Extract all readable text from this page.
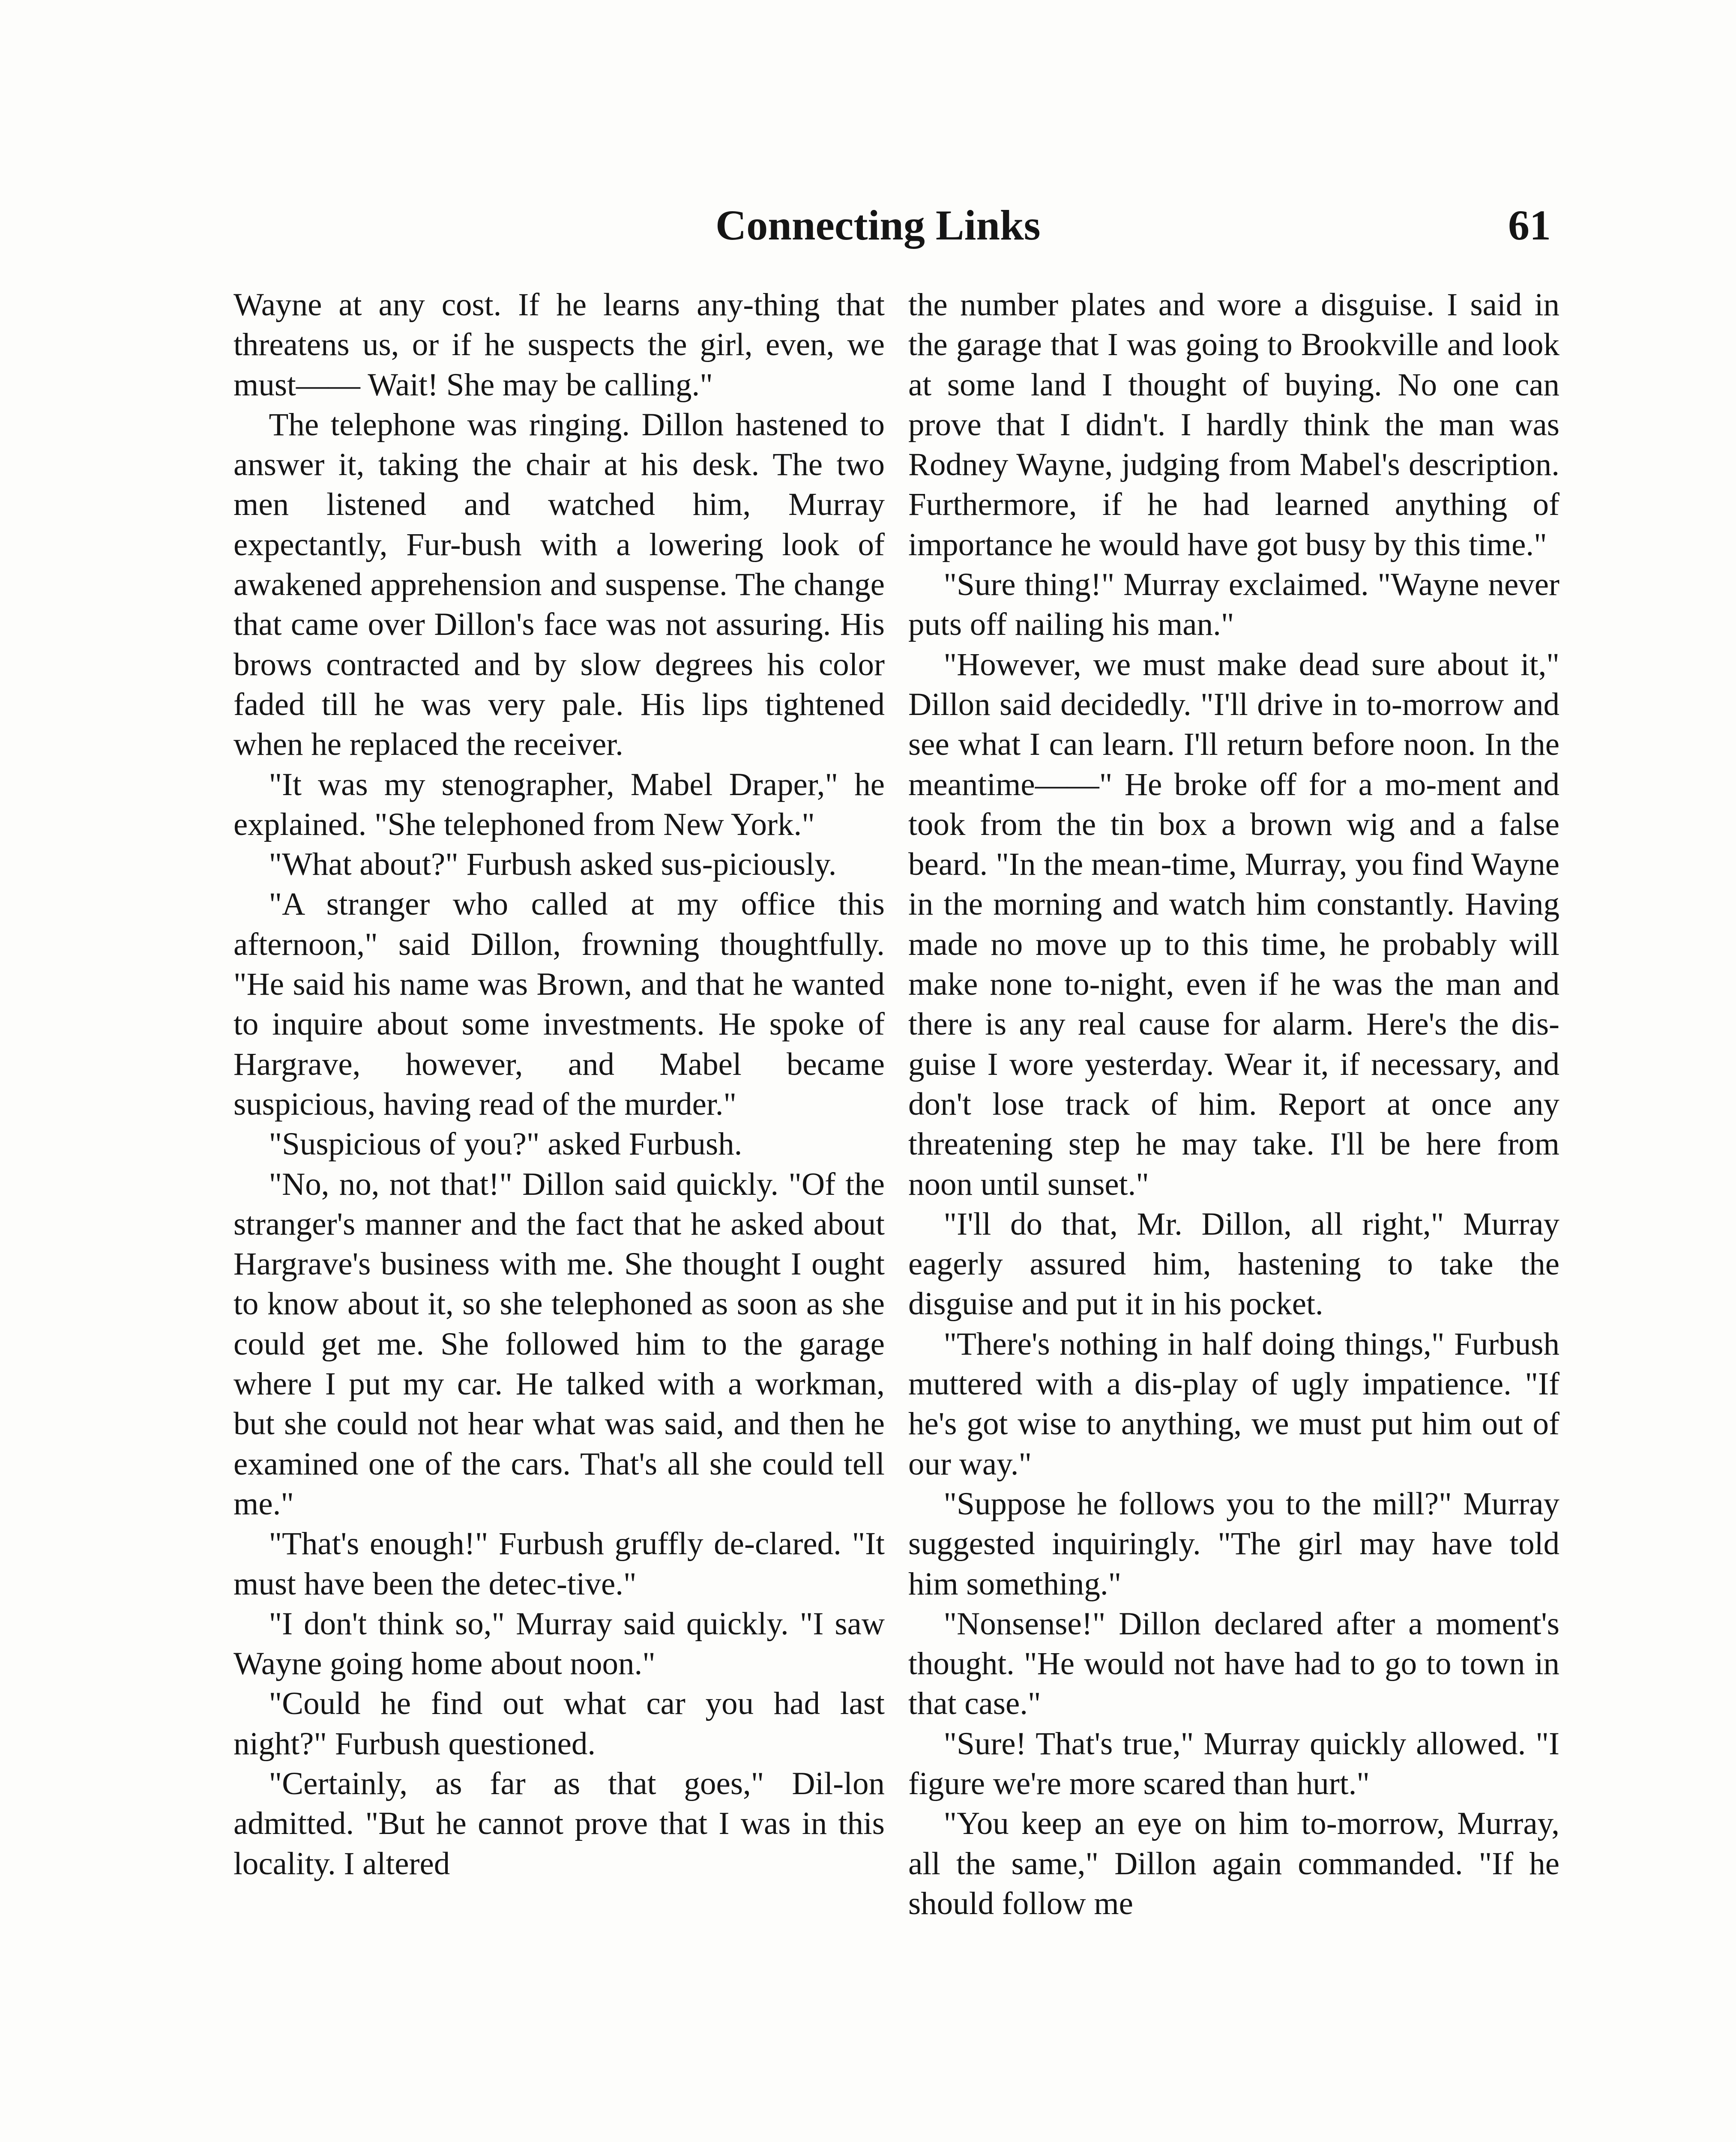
Connecting Links	61

Wayne at any cost. If he learns any-thing that threatens us, or if he suspects the girl, even, we must—— Wait! She may be calling."

The telephone was ringing. Dillon hastened to answer it, taking the chair at his desk. The two men listened and watched him, Murray expectantly, Fur-bush with a lowering look of awakened apprehension and suspense. The change that came over Dillon's face was not assuring. His brows contracted and by slow degrees his color faded till he was very pale. His lips tightened when he replaced the receiver.

"It was my stenographer, Mabel Draper," he explained. "She telephoned from New York."

"What about?" Furbush asked sus-piciously.

"A stranger who called at my office this afternoon," said Dillon, frowning thoughtfully. "He said his name was Brown, and that he wanted to inquire about some investments. He spoke of Hargrave, however, and Mabel became suspicious, having read of the murder."

"Suspicious of you?" asked Furbush.

"No, no, not that!" Dillon said quickly. "Of the stranger's manner and the fact that he asked about Hargrave's business with me. She thought I ought to know about it, so she telephoned as soon as she could get me. She followed him to the garage where I put my car. He talked with a workman, but she could not hear what was said, and then he examined one of the cars. That's all she could tell me."

"That's enough!" Furbush gruffly de-clared. "It must have been the detec-tive."

"I don't think so," Murray said quickly. "I saw Wayne going home about noon."

"Could he find out what car you had last night?" Furbush questioned.

"Certainly, as far as that goes," Dil-lon admitted. "But he cannot prove that I was in this locality. I altered

the number plates and wore a disguise. I said in the garage that I was going to Brookville and look at some land I thought of buying. No one can prove that I didn't. I hardly think the man was Rodney Wayne, judging from Mabel's description. Furthermore, if he had learned anything of importance he would have got busy by this time."

"Sure thing!" Murray exclaimed. "Wayne never puts off nailing his man."

"However, we must make dead sure about it," Dillon said decidedly. "I'll drive in to-morrow and see what I can learn. I'll return before noon. In the meantime——" He broke off for a mo-ment and took from the tin box a brown wig and a false beard. "In the mean-time, Murray, you find Wayne in the morning and watch him constantly. Having made no move up to this time, he probably will make none to-night, even if he was the man and there is any real cause for alarm. Here's the dis-guise I wore yesterday. Wear it, if necessary, and don't lose track of him. Report at once any threatening step he may take. I'll be here from noon until sunset."

"I'll do that, Mr. Dillon, all right," Murray eagerly assured him, hastening to take the disguise and put it in his pocket.

"There's nothing in half doing things," Furbush muttered with a dis-play of ugly impatience. "If he's got wise to anything, we must put him out of our way."

"Suppose he follows you to the mill?" Murray suggested inquiringly. "The girl may have told him something."

"Nonsense!" Dillon declared after a moment's thought. "He would not have had to go to town in that case."

"Sure! That's true," Murray quickly allowed. "I figure we're more scared than hurt."

"You keep an eye on him to-morrow, Murray, all the same," Dillon again commanded. "If he should follow me
